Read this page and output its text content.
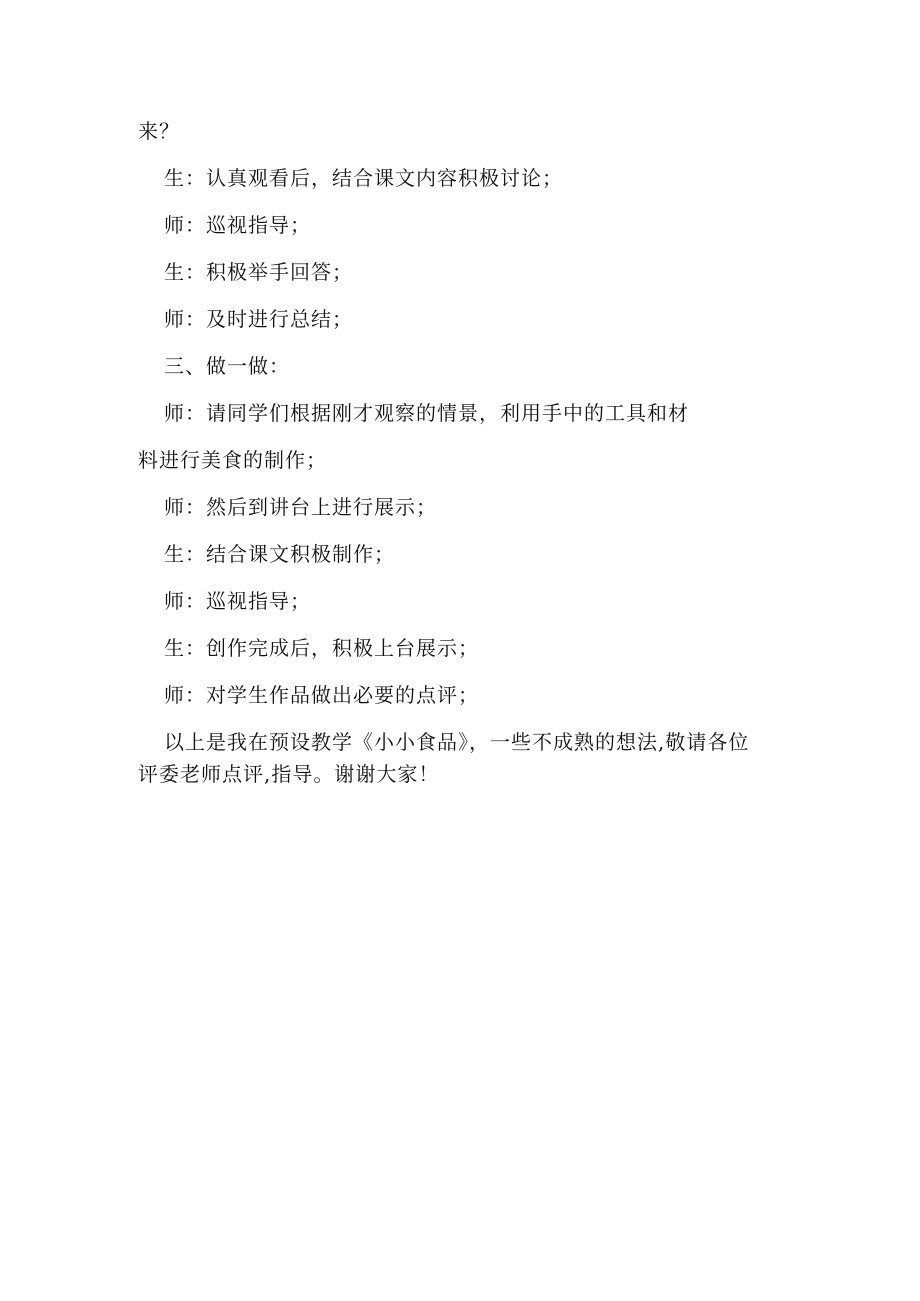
来？
生：认真观看后，结合课文内容积极讨论；
师：巡视指导；
生：积极举手回答；
师：及时进行总结；
三、做一做：
师：请同学们根据刚才观察的情景，利用手中的工具和材
料进行美食的制作；
师：然后到讲台上进行展示；
生：结合课文积极制作；
师：巡视指导；
生：创作完成后，积极上台展示；
师：对学生作品做出必要的点评；
以上是我在预设教学《小小食品》，一些不成熟的想法,敬请各位
评委老师点评,指导。谢谢大家！
